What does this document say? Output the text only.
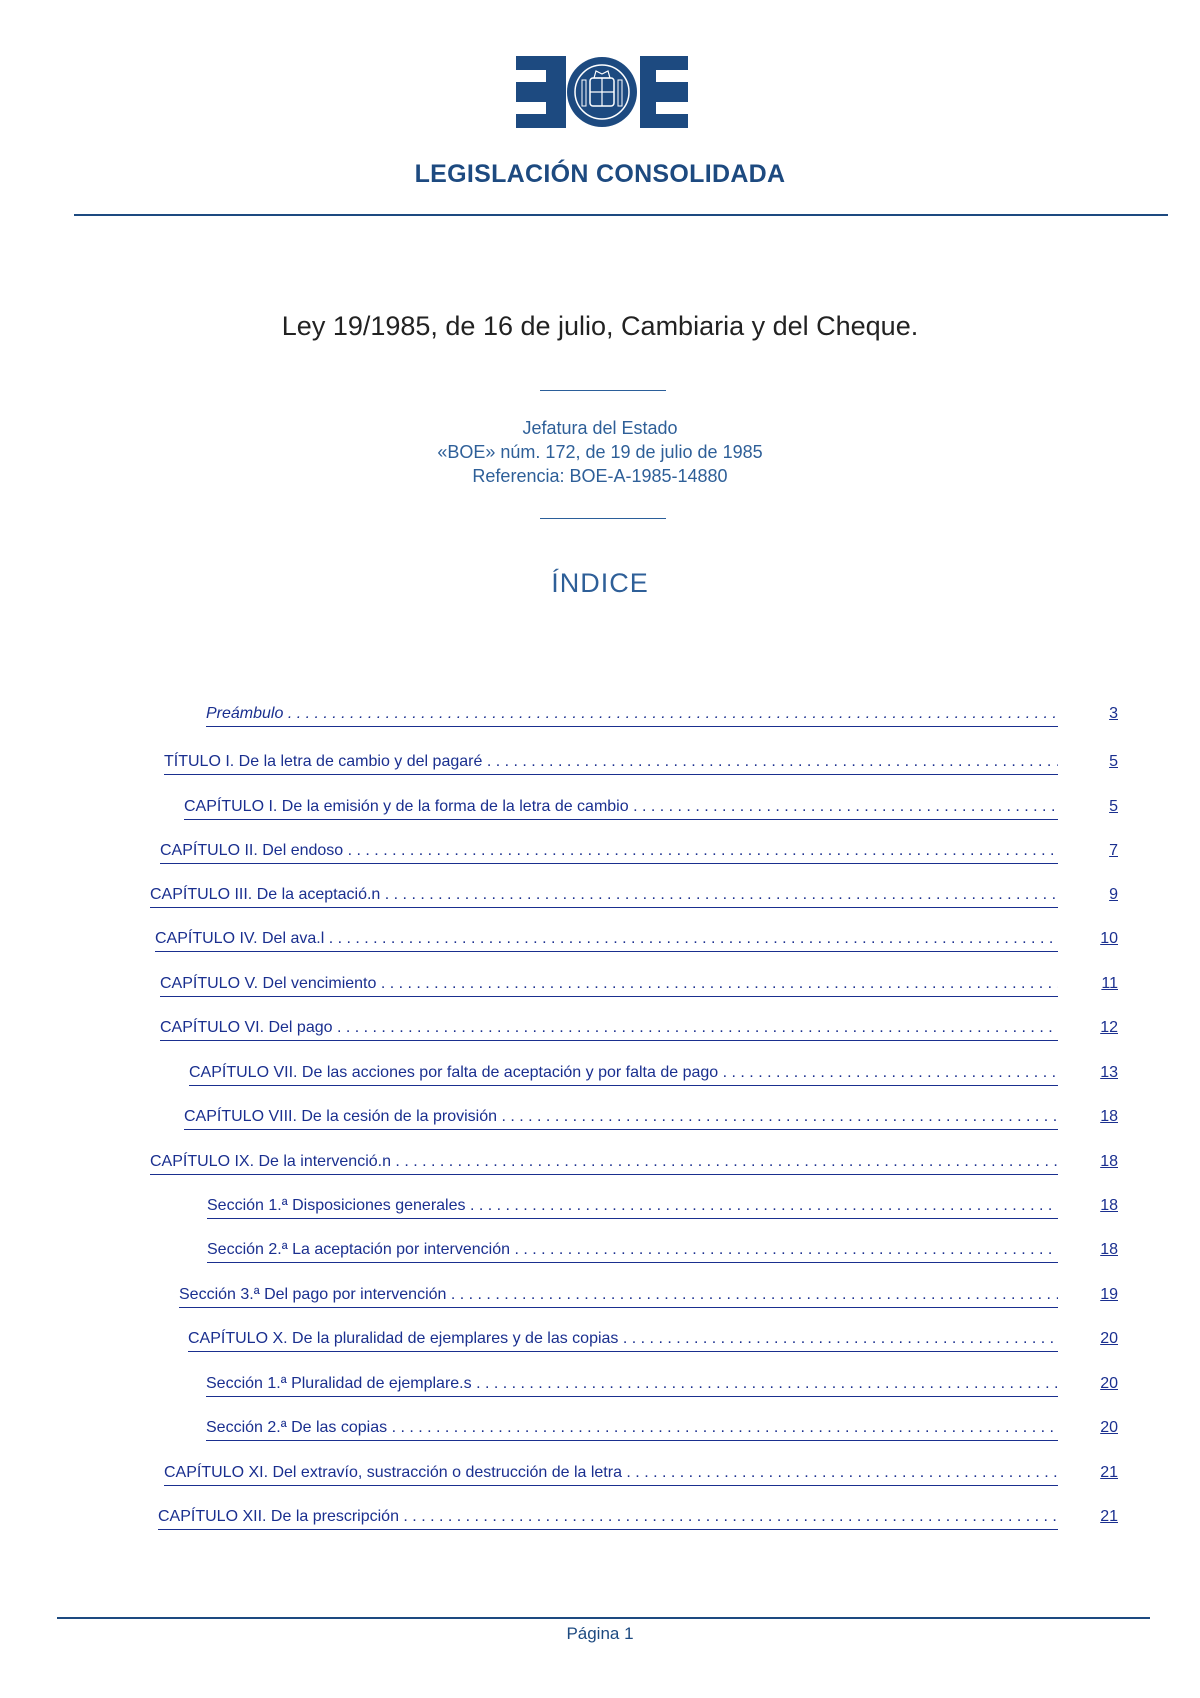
LEGISLACIÓN CONSOLIDADA
Ley 19/1985, de 16 de julio, Cambiaria y del Cheque.
Jefatura del Estado
«BOE» núm. 172, de 19 de julio de 1985
Referencia: BOE-A-1985-14880
ÍNDICE
Preámbulo . . .	3
TÍTULO I. De la letra de cambio y del pagaré . . .	5
CAPÍTULO I. De la emisión y de la forma de la letra de cambio . . .	5
CAPÍTULO II. Del endoso . . .	7
CAPÍTULO III. De la aceptació.n . . .	9
CAPÍTULO IV. Del ava.l . . .	10
CAPÍTULO V. Del vencimiento . . .	11
CAPÍTULO VI. Del pago . . .	12
CAPÍTULO VII. De las acciones por falta de aceptación y por falta de pago . . .	13
CAPÍTULO VIII. De la cesión de la provisión . . .	18
CAPÍTULO IX. De la intervenció.n . . .	18
Sección 1.ª Disposiciones generales . . .	18
Sección 2.ª La aceptación por intervención . . .	18
Sección 3.ª Del pago por intervención . . .	19
CAPÍTULO X. De la pluralidad de ejemplares y de las copias . . .	20
Sección 1.ª Pluralidad de ejemplare.s . . .	20
Sección 2.ª De las copias . . .	20
CAPÍTULO XI. Del extravío, sustracción o destrucción de la letra . . .	21
CAPÍTULO XII. De la prescripción . . .	21
Página 1
